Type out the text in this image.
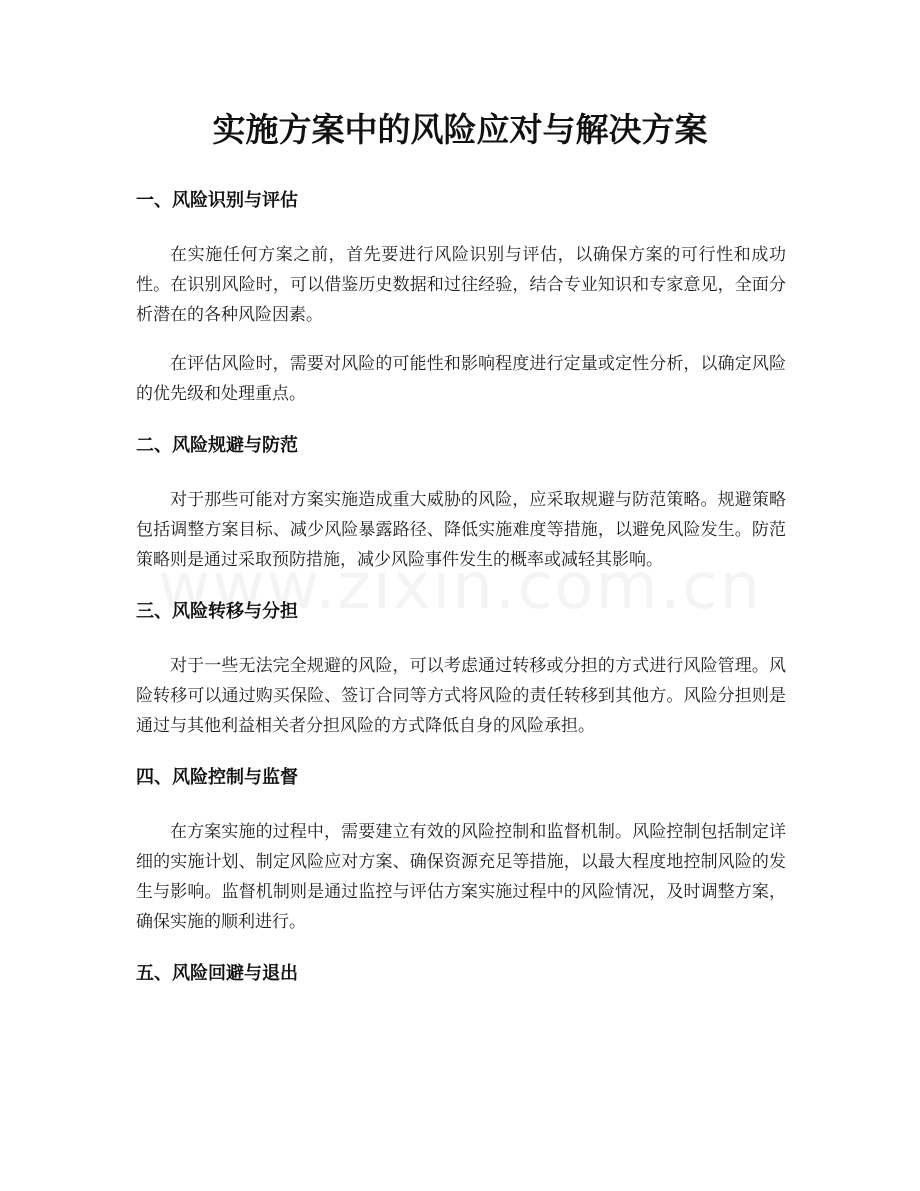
实施方案中的风险应对与解决方案
一、风险识别与评估

在实施任何方案之前，首先要进行风险识别与评估，以确保方案的可行性和成功性。在识别风险时，可以借鉴历史数据和过往经验，结合专业知识和专家意见，全面分析潜在的各种风险因素。

在评估风险时，需要对风险的可能性和影响程度进行定量或定性分析，以确定风险的优先级和处理重点。

二、风险规避与防范

对于那些可能对方案实施造成重大威胁的风险，应采取规避与防范策略。规避策略包括调整方案目标、减少风险暴露路径、降低实施难度等措施，以避免风险发生。防范策略则是通过采取预防措施，减少风险事件发生的概率或减轻其影响。

三、风险转移与分担

对于一些无法完全规避的风险，可以考虑通过转移或分担的方式进行风险管理。风险转移可以通过购买保险、签订合同等方式将风险的责任转移到其他方。风险分担则是通过与其他利益相关者分担风险的方式降低自身的风险承担。

四、风险控制与监督

在方案实施的过程中，需要建立有效的风险控制和监督机制。风险控制包括制定详细的实施计划、制定风险应对方案、确保资源充足等措施，以最大程度地控制风险的发生与影响。监督机制则是通过监控与评估方案实施过程中的风险情况，及时调整方案，确保实施的顺利进行。

五、风险回避与退出
